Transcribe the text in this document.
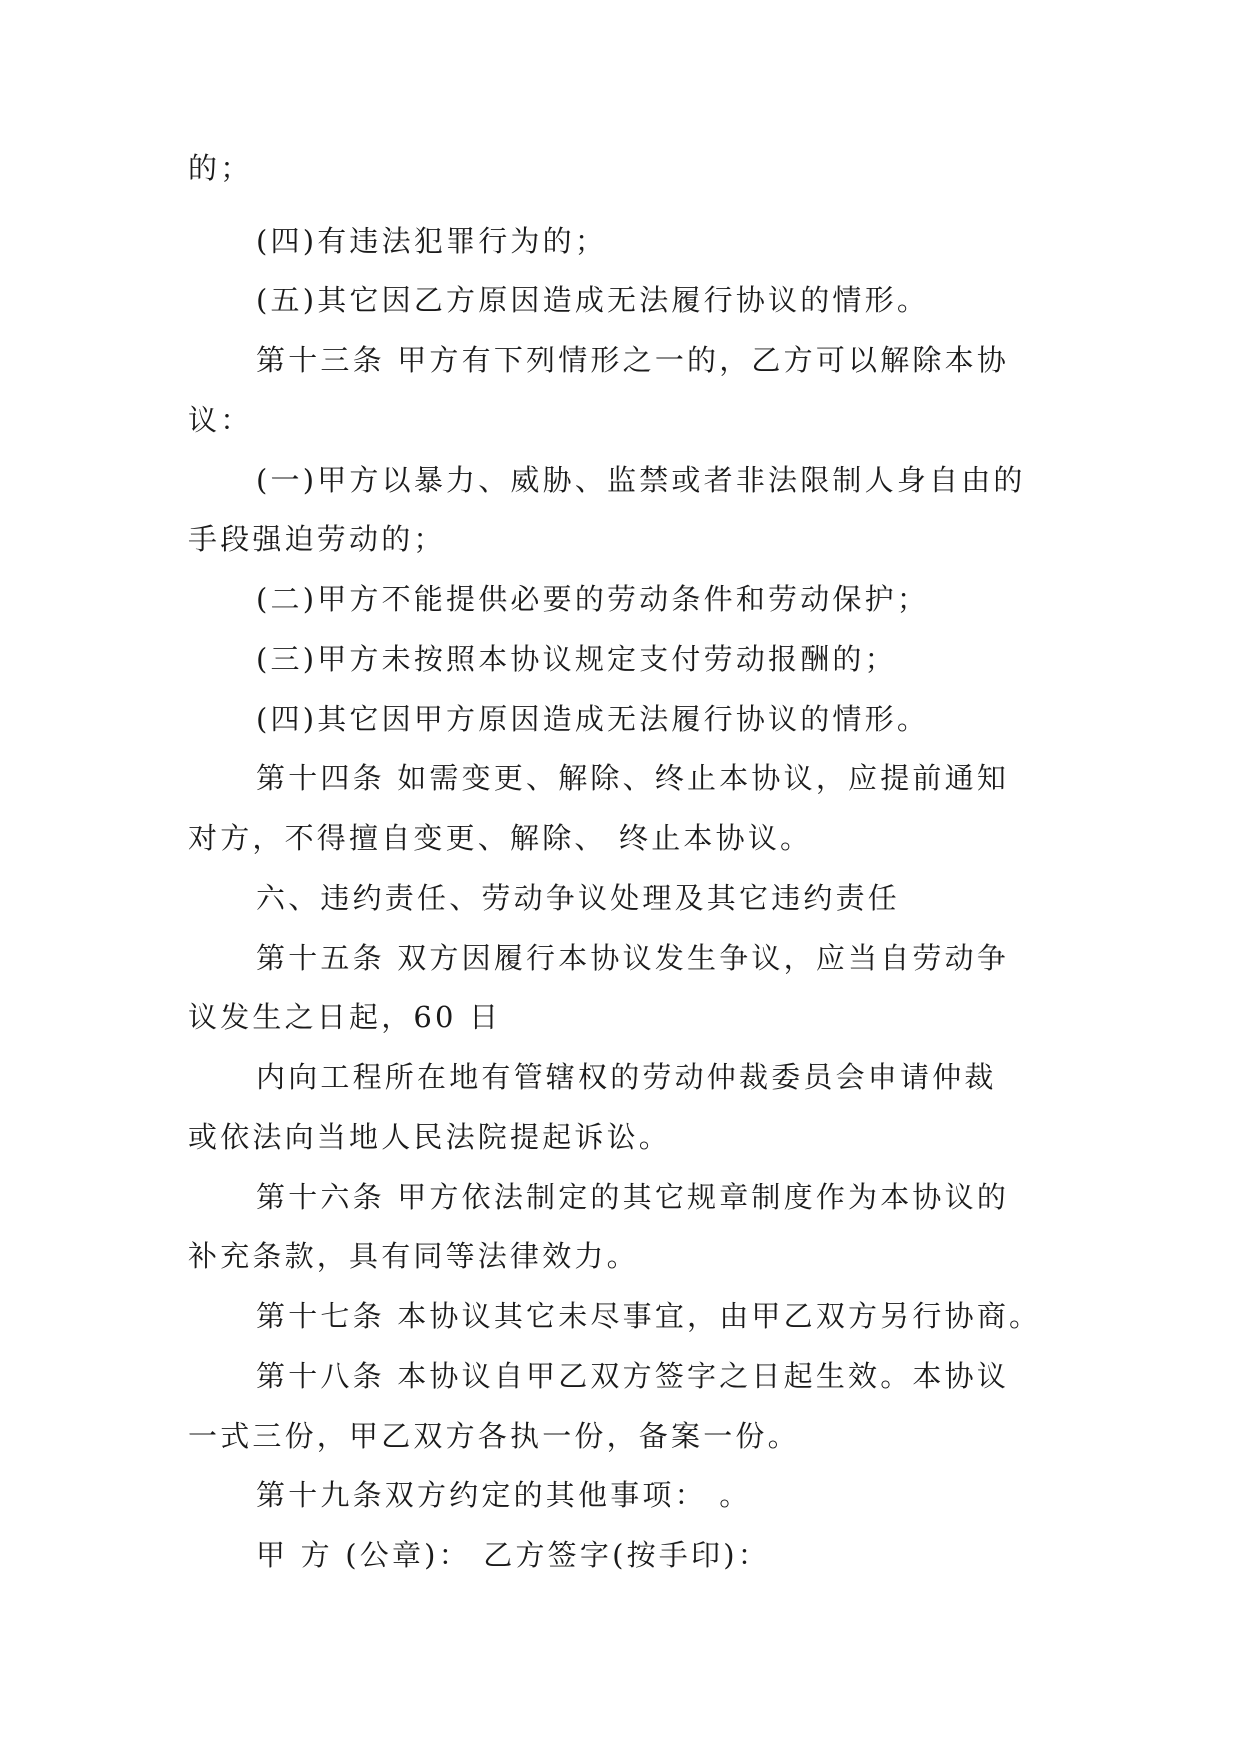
的；
(四)有违法犯罪行为的；
(五)其它因乙方原因造成无法履行协议的情形。
第十三条 甲方有下列情形之一的，乙方可以解除本协
议：
(一)甲方以暴力、威胁、监禁或者非法限制人身自由的
手段强迫劳动的；
(二)甲方不能提供必要的劳动条件和劳动保护；
(三)甲方未按照本协议规定支付劳动报酬的；
(四)其它因甲方原因造成无法履行协议的情形。
第十四条 如需变更、解除、终止本协议，应提前通知
对方，不得擅自变更、解除、 终止本协议。
六、违约责任、劳动争议处理及其它违约责任
第十五条 双方因履行本协议发生争议，应当自劳动争
议发生之日起，60 日
内向工程所在地有管辖权的劳动仲裁委员会申请仲裁
或依法向当地人民法院提起诉讼。
第十六条 甲方依法制定的其它规章制度作为本协议的
补充条款，具有同等法律效力。
第十七条 本协议其它未尽事宜，由甲乙双方另行协商。
第十八条 本协议自甲乙双方签字之日起生效。本协议
一式三份，甲乙双方各执一份，备案一份。
第十九条双方约定的其他事项： 。
甲 方 (公章)： 乙方签字(按手印)：
